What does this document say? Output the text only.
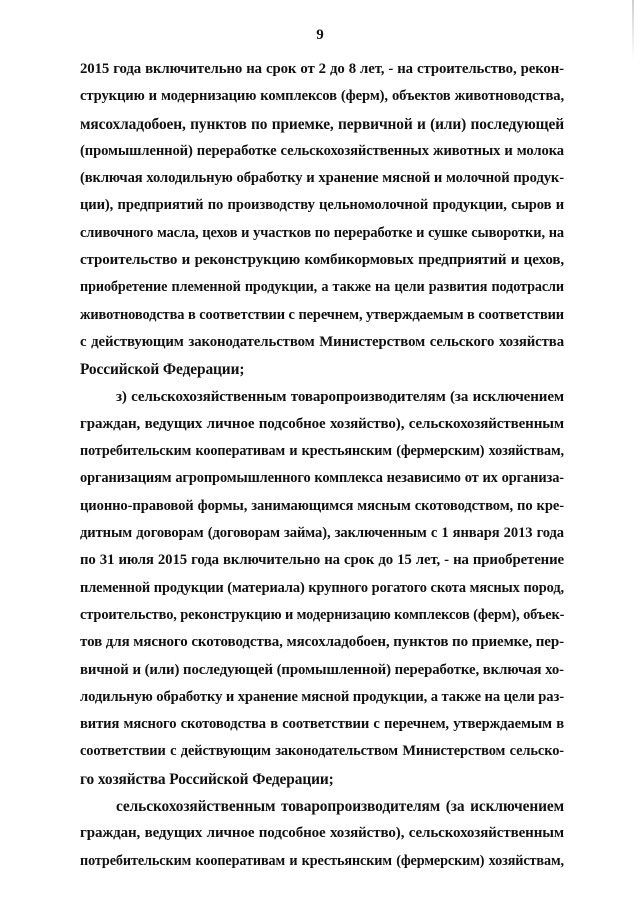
9
2015 года включительно на срок от 2 до 8 лет, - на строительство, рекон-
струкцию и модернизацию комплексов (ферм), объектов животноводства,
мясохладобоен, пунктов по приемке, первичной и (или) последующей
(промышленной) переработке сельскохозяйственных животных и молока
(включая холодильную обработку и хранение мясной и молочной продук-
ции), предприятий по производству цельномолочной продукции, сыров и
сливочного масла, цехов и участков по переработке и сушке сыворотки, на
строительство и реконструкцию комбикормовых предприятий и цехов,
приобретение племенной продукции, а также на цели развития подотрасли
животноводства в соответствии с перечнем, утверждаемым в соответствии
с действующим законодательством Министерством сельского хозяйства
Российской Федерации;
з) сельскохозяйственным товаропроизводителям (за исключением
граждан, ведущих личное подсобное хозяйство), сельскохозяйственным
потребительским кооперативам и крестьянским (фермерским) хозяйствам,
организациям агропромышленного комплекса независимо от их организа-
ционно-правовой формы, занимающимся мясным скотоводством, по кре-
дитным договорам (договорам займа), заключенным с 1 января 2013 года
по 31 июля 2015 года включительно на срок до 15 лет, - на приобретение
племенной продукции (материала) крупного рогатого скота мясных пород,
строительство, реконструкцию и модернизацию комплексов (ферм), объек-
тов для мясного скотоводства, мясохладобоен, пунктов по приемке, пер-
вичной и (или) последующей (промышленной) переработке, включая хо-
лодильную обработку и хранение мясной продукции, а также на цели раз-
вития мясного скотоводства в соответствии с перечнем, утверждаемым в
соответствии с действующим законодательством Министерством сельско-
го хозяйства Российской Федерации;
сельскохозяйственным товаропроизводителям (за исключением
граждан, ведущих личное подсобное хозяйство), сельскохозяйственным
потребительским кооперативам и крестьянским (фермерским) хозяйствам,
